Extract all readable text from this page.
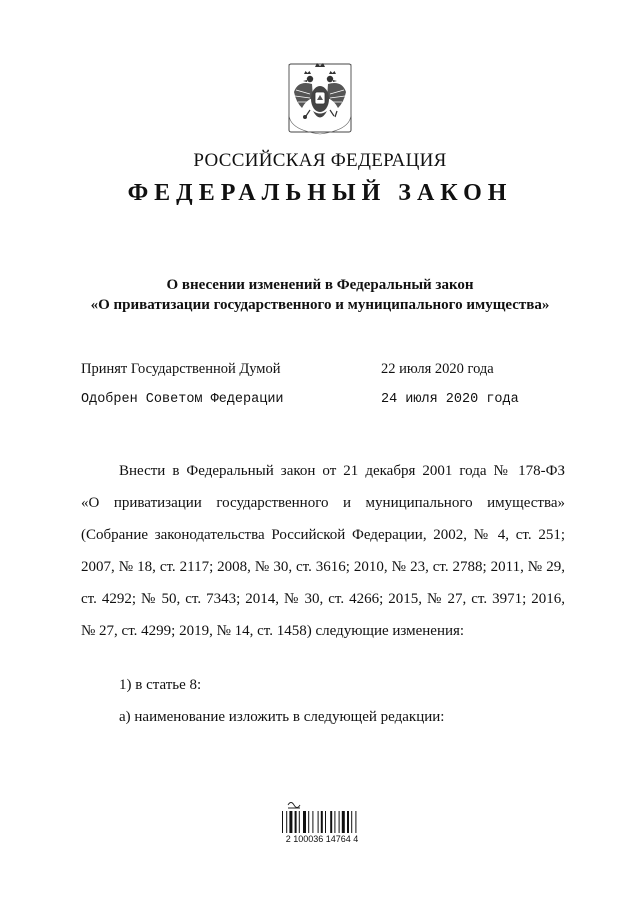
РОССИЙСКАЯ ФЕДЕРАЦИЯ
ФЕДЕРАЛЬНЫЙ ЗАКОН
О внесении изменений в Федеральный закон
«О приватизации государственного и муниципального имущества»
Принят Государственной Думой	22 июля 2020 года
Одобрен Советом Федерации	24 июля 2020 года
Внести в Федеральный закон от 21 декабря 2001 года № 178-ФЗ
«О приватизации государственного и муниципального имущества»
(Собрание законодательства Российской Федерации, 2002, № 4, ст. 251;
2007, № 18, ст. 2117; 2008, № 30, ст. 3616; 2010, № 23, ст. 2788; 2011, № 29,
ст. 4292; № 50, ст. 7343; 2014, № 30, ст. 4266; 2015, № 27, ст. 3971; 2016,
№ 27, ст. 4299; 2019, № 14, ст. 1458) следующие изменения:
1) в статье 8:
а) наименование изложить в следующей редакции:
2 100036 14764 4
